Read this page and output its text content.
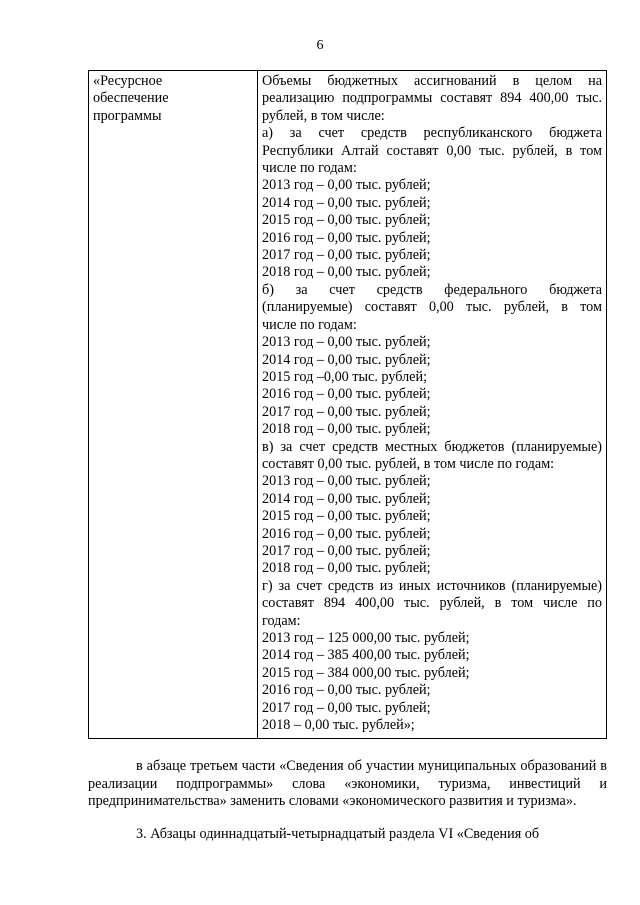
6
«Ресурсное
обеспечение
программы

Объемы бюджетных ассигнований в целом на
реализацию подпрограммы составят 894 400,00 тыс.
рублей, в том числе:
а) за счет средств республиканского бюджета
Республики Алтай составят 0,00 тыс. рублей, в том
числе по годам:
2013 год – 0,00 тыс. рублей;
2014 год – 0,00 тыс. рублей;
2015 год – 0,00 тыс. рублей;
2016 год – 0,00 тыс. рублей;
2017 год – 0,00 тыс. рублей;
2018 год – 0,00 тыс. рублей;
б) за счет средств федерального бюджета
(планируемые) составят 0,00 тыс. рублей, в том
числе по годам:
2013 год – 0,00 тыс. рублей;
2014 год – 0,00 тыс. рублей;
2015 год –0,00 тыс. рублей;
2016 год – 0,00 тыс. рублей;
2017 год – 0,00 тыс. рублей;
2018 год – 0,00 тыс. рублей;
в) за счет средств местных бюджетов (планируемые)
составят 0,00 тыс. рублей, в том числе по годам:
2013 год – 0,00 тыс. рублей;
2014 год – 0,00 тыс. рублей;
2015 год – 0,00 тыс. рублей;
2016 год – 0,00 тыс. рублей;
2017 год – 0,00 тыс. рублей;
2018 год – 0,00 тыс. рублей;
г) за счет средств из иных источников (планируемые)
составят 894 400,00 тыс. рублей, в том числе по
годам:
2013 год – 125 000,00 тыс. рублей;
2014 год – 385 400,00 тыс. рублей;
2015 год – 384 000,00 тыс. рублей;
2016 год – 0,00 тыс. рублей;
2017 год – 0,00 тыс. рублей;
2018 – 0,00 тыс. рублей»;

в абзаце третьем части «Сведения об участии муниципальных образований в реализации подпрограммы» слова «экономики, туризма, инвестиций и предпринимательства» заменить словами «экономического развития и туризма».

3. Абзацы одиннадцатый-четырнадцатый раздела VI «Сведения об
